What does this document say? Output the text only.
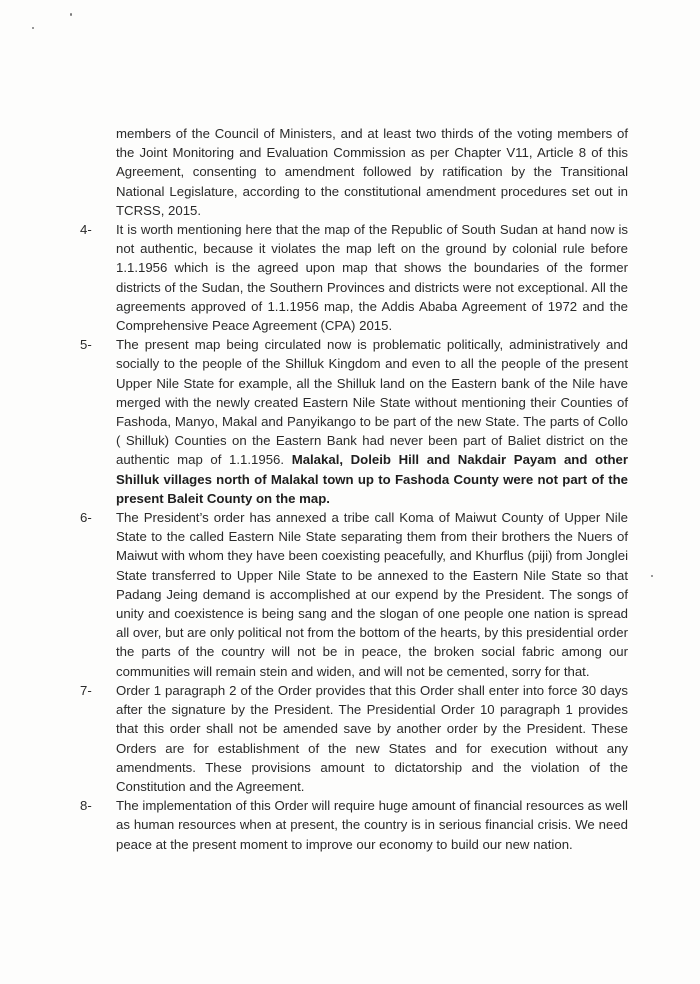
members of the Council of Ministers, and at least two thirds of the voting members of the Joint Monitoring and Evaluation Commission as per Chapter V11, Article 8 of this Agreement, consenting to amendment followed by ratification by the Transitional National Legislature, according to the constitutional amendment procedures set out in TCRSS, 2015.

4-	It is worth mentioning here that the map of the Republic of South Sudan at hand now is not authentic, because it violates the map left on the ground by colonial rule before 1.1.1956 which is the agreed upon map that shows the boundaries of the former districts of the Sudan, the Southern Provinces and districts were not exceptional. All the agreements approved of 1.1.1956 map, the Addis Ababa Agreement of 1972 and the Comprehensive Peace Agreement (CPA) 2015.
5-	The present map being circulated now is problematic politically, administratively and socially to the people of the Shilluk Kingdom and even to all the people of the present Upper Nile State for example, all the Shilluk land on the Eastern bank of the Nile have merged with the newly created Eastern Nile State without mentioning their Counties of Fashoda, Manyo, Makal and Panyikango to be part of the new State. The parts of Collo ( Shilluk) Counties on the Eastern Bank had never been part of Baliet district on the authentic map of 1.1.1956. Malakal, Doleib Hill and Nakdair Payam and other Shilluk villages north of Malakal town up to Fashoda County were not part of the present Baleit County on the map.
6-	The President’s order has annexed a tribe call Koma of Maiwut County of Upper Nile State to the called Eastern Nile State separating them from their brothers the Nuers of Maiwut with whom they have been coexisting peacefully, and Khurflus (piji) from Jonglei State transferred to Upper Nile State to be annexed to the Eastern Nile State so that Padang Jeing demand is accomplished at our expend by the President. The songs of unity and coexistence is being sang and the slogan of one people one nation is spread all over, but are only political not from the bottom of the hearts, by this presidential order the parts of the country will not be in peace, the broken social fabric among our communities will remain stein and widen, and will not be cemented, sorry for that.
7-	Order 1 paragraph 2 of the Order provides that this Order shall enter into force 30 days after the signature by the President. The Presidential Order 10 paragraph 1 provides that this order shall not be amended save by another order by the President. These Orders are for establishment of the new States and for execution without any amendments. These provisions amount to dictatorship and the violation of the Constitution and the Agreement.
8-	The implementation of this Order will require huge amount of financial resources as well as human resources when at present, the country is in serious financial crisis. We need peace at the present moment to improve our economy to build our new nation.
